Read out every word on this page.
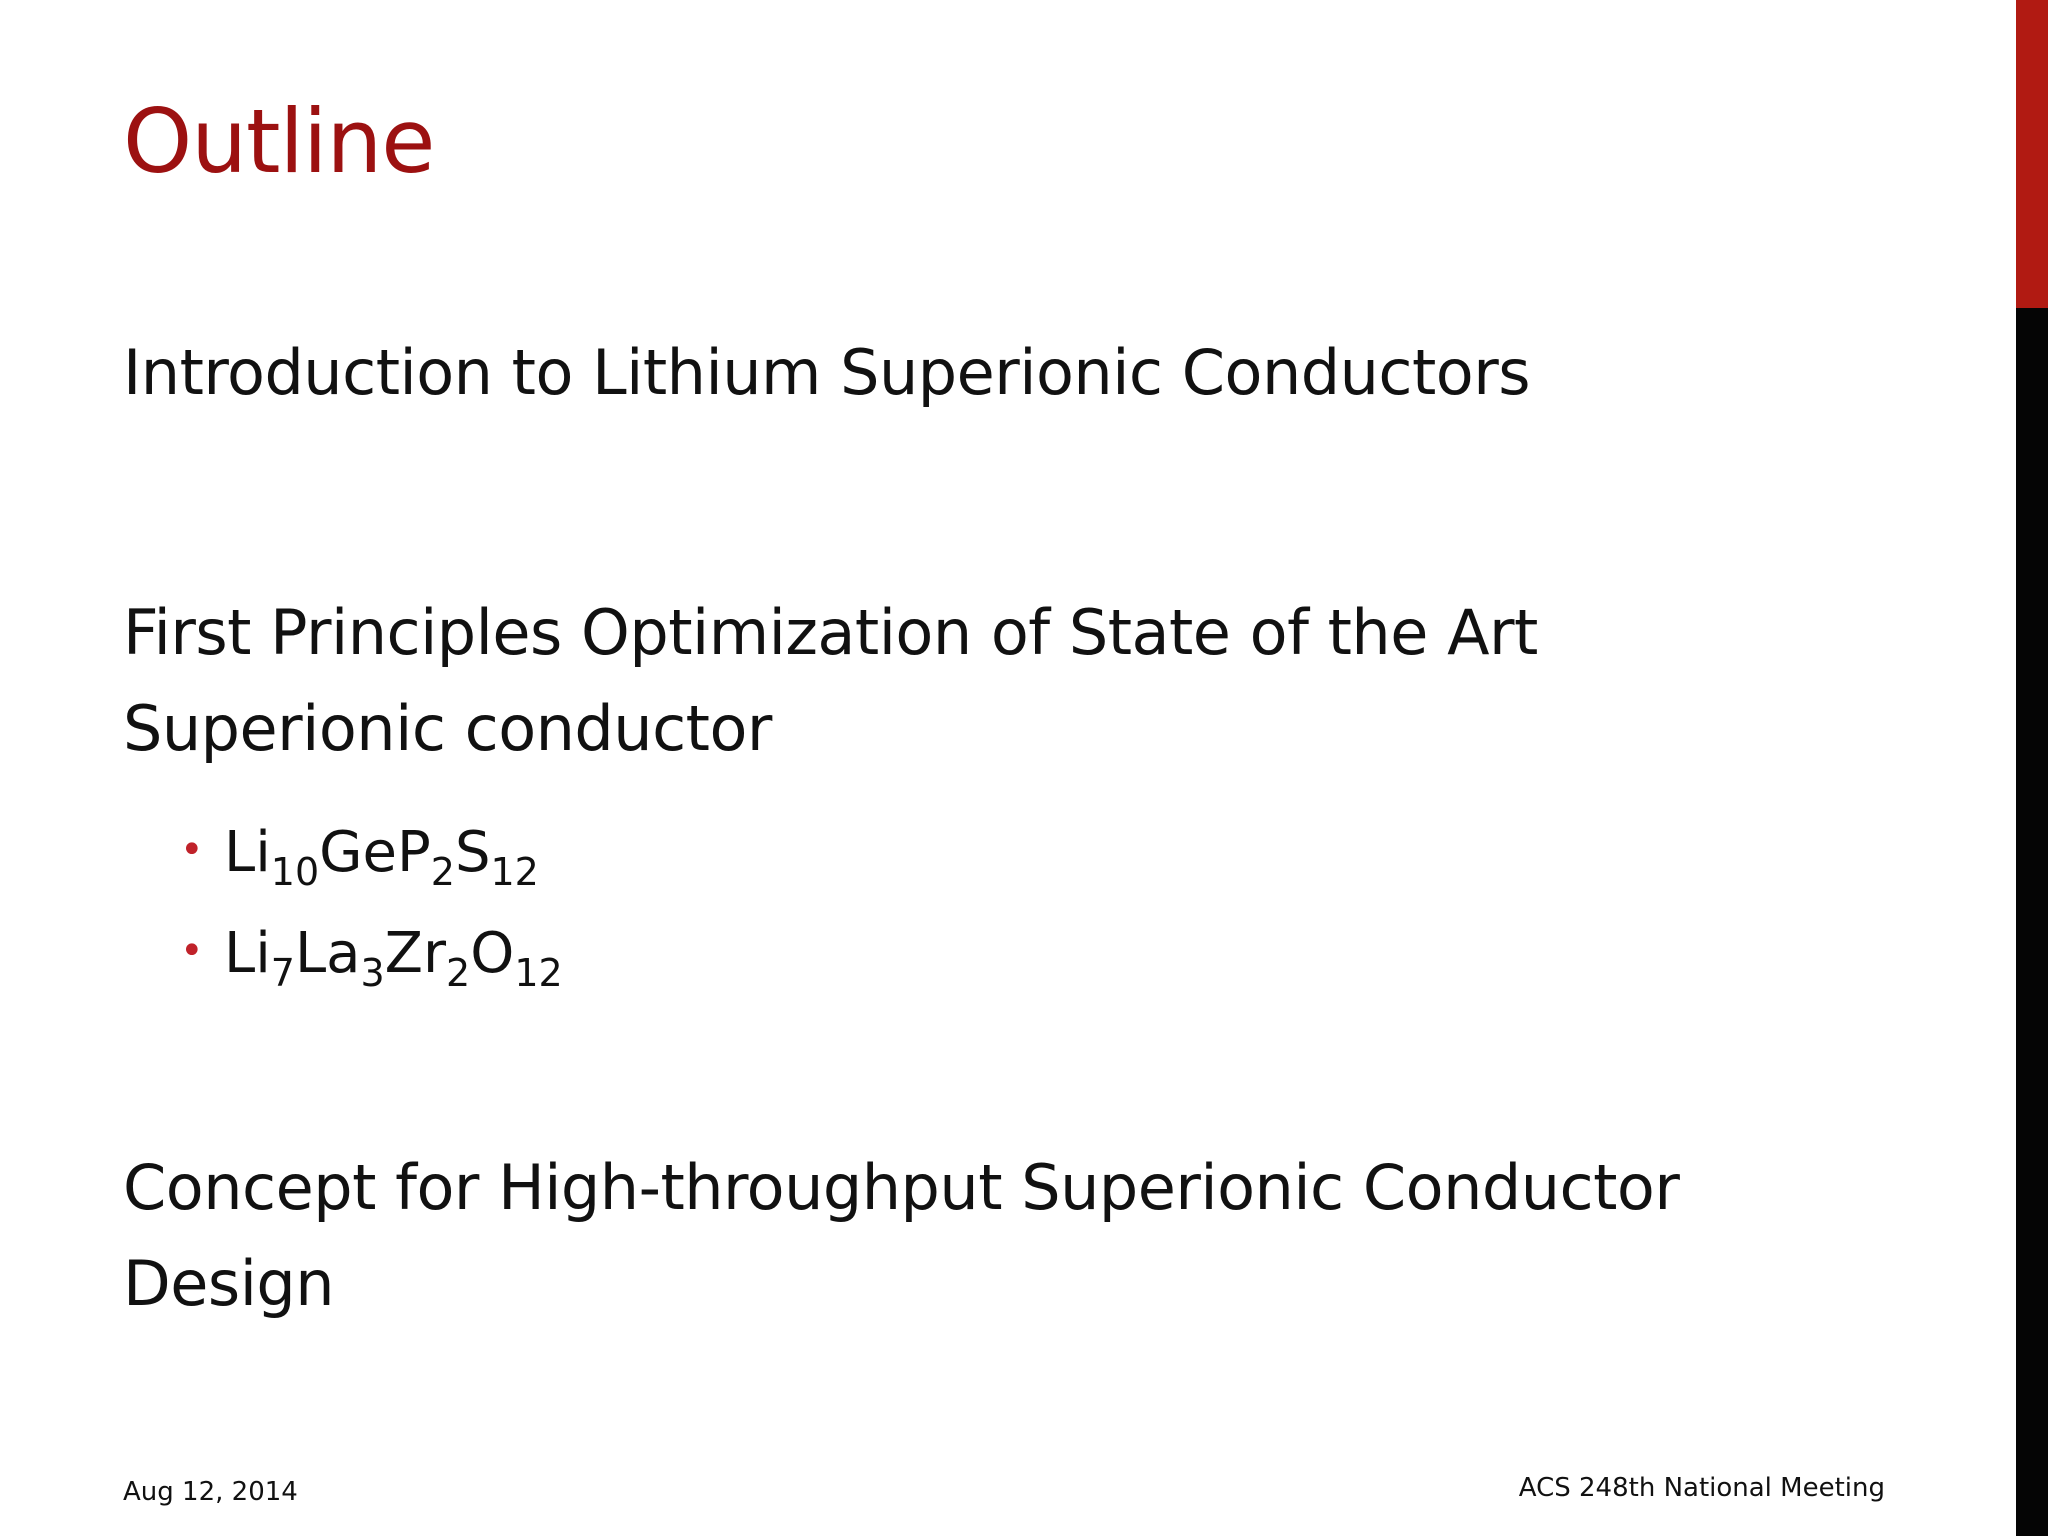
Outline

Introduction to Lithium Superionic Conductors

First Principles Optimization of State of the Art
Superionic conductor

• $Li_{10}GeP_2S_{12}$
• $Li_7La_3Zr_2O_{12}$

Concept for High-throughput Superionic Conductor
Design

Aug 12, 2014	ACS 248th National Meeting
